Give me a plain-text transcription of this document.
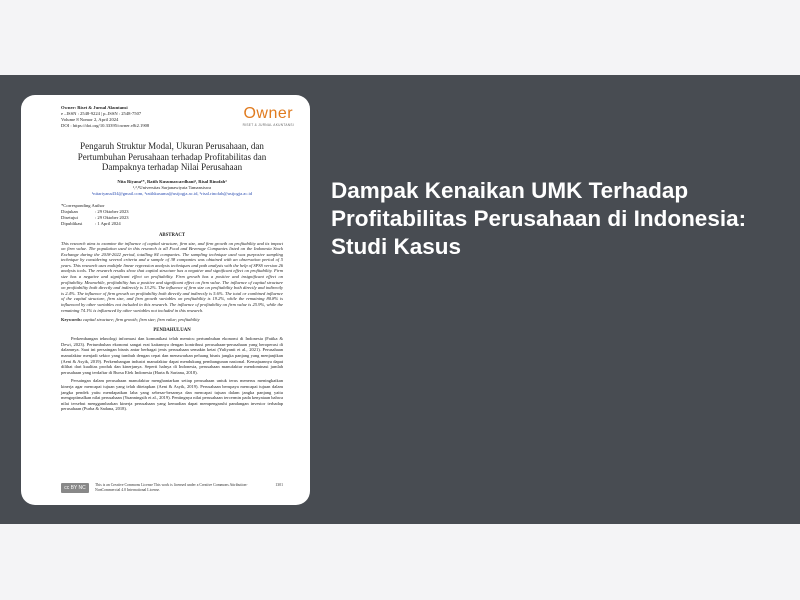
Owner
RISET & JURNAL AKUNTANSI
Owner: Riset & Jurnal Akuntansi
e –ISSN : 2548-9224 | p–ISSN : 2548-7507
Volume 8 Nomor 2, April 2024
DOI : https://doi.org/10.33395/owner.v8i2.1908
Pengaruh Struktur Modal, Ukuran Perusahaan, dan Pertumbuhan Perusahaan terhadap Profitabilitas dan Dampaknya terhadap Nilai Perusahaan
Nita Riyana¹*, Ratih Kusumawardhani², Risal Rinofah³
¹,²,³Universitas Sarjanawiyata Tamansiswa
¹nitariyana434@gmail.com, ²ratihkusuma@ustjogja.ac.id, ³risal.rinofah@ustjogja.ac.id
*Corresponding Author
Diajukan	: 29 Oktober 2023
Disetujui	: 29 Oktober 2023
Dipublikasi	: 1 April 2024
ABSTRACT
This research aims to examine the influence of capital structure, firm size, and firm growth on profitability and its impact on firm value. The population used in this research is all Food and Beverage Companies listed on the Indonesia Stock Exchange during the 2018-2022 period, totalling 84 companies. The sampling technique used was purposive sampling technique by considering several criteria and a sample of 38 companies was obtained with an observation period of 5 years. This research uses multiple linear regression analysis techniques and path analysis with the help of SPSS version 26 analysis tools. The research results show that capital structure has a negative and significant effect on profitability. Firm size has a negative and significant effect on profitability. Firm growth has a positive and insignificant effect on profitability. Meanwhile, profitability has a positive and significant effect on firm value. The influence of capital structure on profitability both directly and indirectly is 13.2%. The influence of firm size on profitability both directly and indirectly is 2.4%. The influence of firm growth on profitability both directly and indirectly is 5.6%. The total or combined influence of the capital structure, firm size, and firm growth variables on profitability is 19.2%, while the remaining 80.8% is influenced by other variables not included in this research. The influence of profitability on firm value is 25.9%, while the remaining 74.1% is influenced by other variables not included in this research.
Keywords: capital structure; firm growth; firm size; firm value; profitability
PENDAHULUAN
Perkembangan teknologi informasi dan komunikasi telah memicu pertumbuhan ekonomi di Indonesia (Fatika & Dewi, 2023). Pertumbuhan ekonomi sangat erat kaitannya dengan kontribusi perusahaan-perusahaan yang beroperasi di dalamnya. Saat ini persaingan bisnis antar berbagai jenis perusahaan semakin ketat (Yuliyanti et al., 2021). Perusahaan manufaktur menjadi sektor yang tumbuh dengan cepat dan menawarkan peluang bisnis jangka panjang yang menjanjikan (Aeni & Asyik, 2019). Perkembangan industri manufaktur dapat mendukung pembangunan nasional. Kemajuannya dapat dilihat dari kualitas produk dan kinerjanya. Seperti halnya di Indonesia, perusahaan manufaktur mendominasi jumlah perusahaan yang terdaftar di Bursa Efek Indonesia (Harta & Sariana, 2018).
Persaingan dalam perusahaan manufaktur menghantarkan setiap perusahaan untuk terus menerus meningkatkan kinerja agar mencapai tujuan yang telah ditetapkan (Aeni & Asyik, 2019). Perusahaan berupaya mencapai tujuan dalam jangka pendek yaitu mendapatkan laba yang sebesar-besarnya dan mencapai tujuan dalam jangka panjang yaitu mengoptimalkan nilai perusahaan (Yuanningsih et al., 2019). Pentingnya nilai perusahaan tercermin pada kenyataan bahwa nilai tersebut menggambarkan kinerja perusahaan yang kemudian dapat mempengaruhi pandangan investor terhadap perusahaan (Purba & Sadana, 2018).
cc BY NC	This is an Creative Commons License This work is licensed under a Creative Commons Attribution-NonCommercial 4.0 International License.
1301
Dampak Kenaikan UMK Terhadap Profitabilitas Perusahaan di Indonesia: Studi Kasus
